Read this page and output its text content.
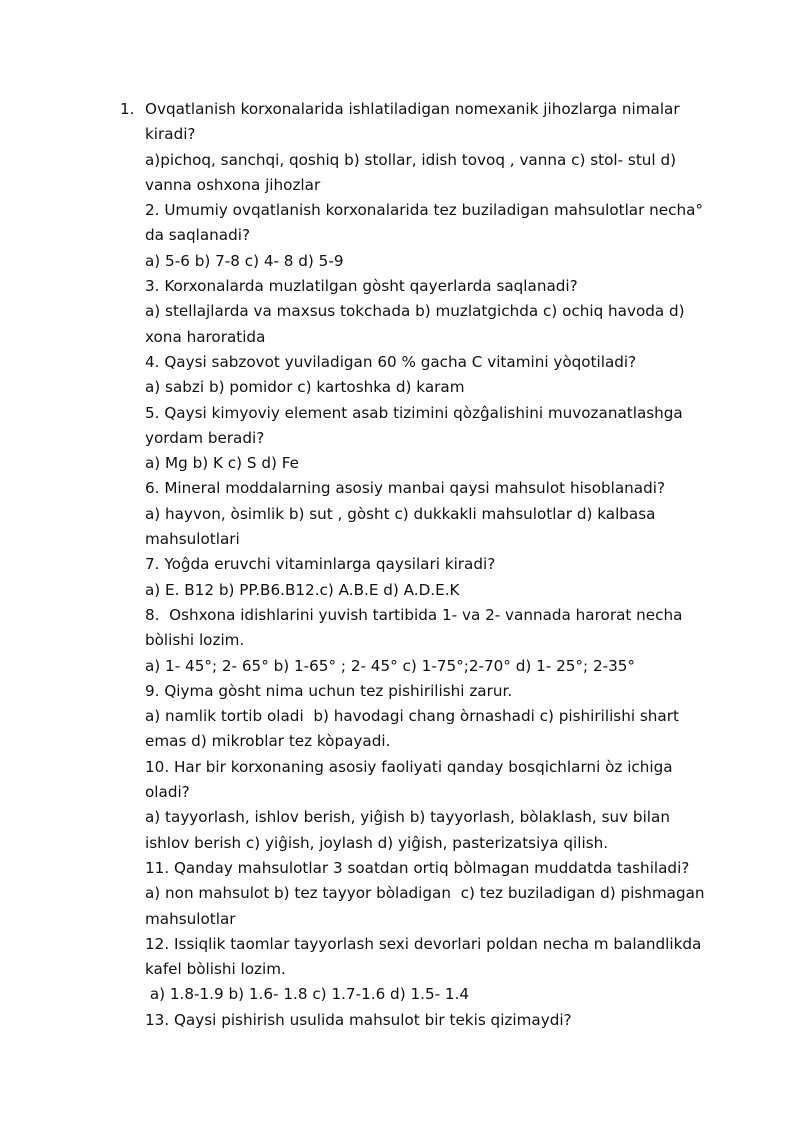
1. Ovqatlanish korxonalarida ishlatiladigan nomexanik jihozlarga nimalar
kiradi?
a)pichoq, sanchqi, qoshiq b) stollar, idish tovoq , vanna c) stol- stul d)
vanna oshxona jihozlar
2. Umumiy ovqatlanish korxonalarida tez buziladigan mahsulotlar necha°
da saqlanadi?
a) 5-6 b) 7-8 c) 4- 8 d) 5-9
3. Korxonalarda muzlatilgan gòsht qayerlarda saqlanadi?
a) stellajlarda va maxsus tokchada b) muzlatgichda c) ochiq havoda d)
xona haroratida
4. Qaysi sabzovot yuviladigan 60 % gacha C vitamini yòqotiladi?
a) sabzi b) pomidor c) kartoshka d) karam
5. Qaysi kimyoviy element asab tizimini qòzĝalishini muvozanatlashga
yordam beradi?
a) Mg b) K c) S d) Fe
6. Mineral moddalarning asosiy manbai qaysi mahsulot hisoblanadi?
a) hayvon, òsimlik b) sut , gòsht c) dukkakli mahsulotlar d) kalbasa
mahsulotlari
7. Yoĝda eruvchi vitaminlarga qaysilari kiradi?
a) E. B12 b) PP.B6.B12.c) A.B.E d) A.D.E.K
8.  Oshxona idishlarini yuvish tartibida 1- va 2- vannada harorat necha
bòlishi lozim.
a) 1- 45°; 2- 65° b) 1-65° ; 2- 45° c) 1-75°;2-70° d) 1- 25°; 2-35°
9. Qiyma gòsht nima uchun tez pishirilishi zarur.
a) namlik tortib oladi  b) havodagi chang òrnashadi c) pishirilishi shart
emas d) mikroblar tez kòpayadi.
10. Har bir korxonaning asosiy faoliyati qanday bosqichlarni òz ichiga
oladi?
a) tayyorlash, ishlov berish, yiĝish b) tayyorlash, bòlaklash, suv bilan
ishlov berish c) yiĝish, joylash d) yiĝish, pasterizatsiya qilish.
11. Qanday mahsulotlar 3 soatdan ortiq bòlmagan muddatda tashiladi?
a) non mahsulot b) tez tayyor bòladigan  c) tez buziladigan d) pishmagan
mahsulotlar
12. Issiqlik taomlar tayyorlash sexi devorlari poldan necha m balandlikda
kafel bòlishi lozim.
a) 1.8-1.9 b) 1.6- 1.8 c) 1.7-1.6 d) 1.5- 1.4
13. Qaysi pishirish usulida mahsulot bir tekis qizimaydi?
